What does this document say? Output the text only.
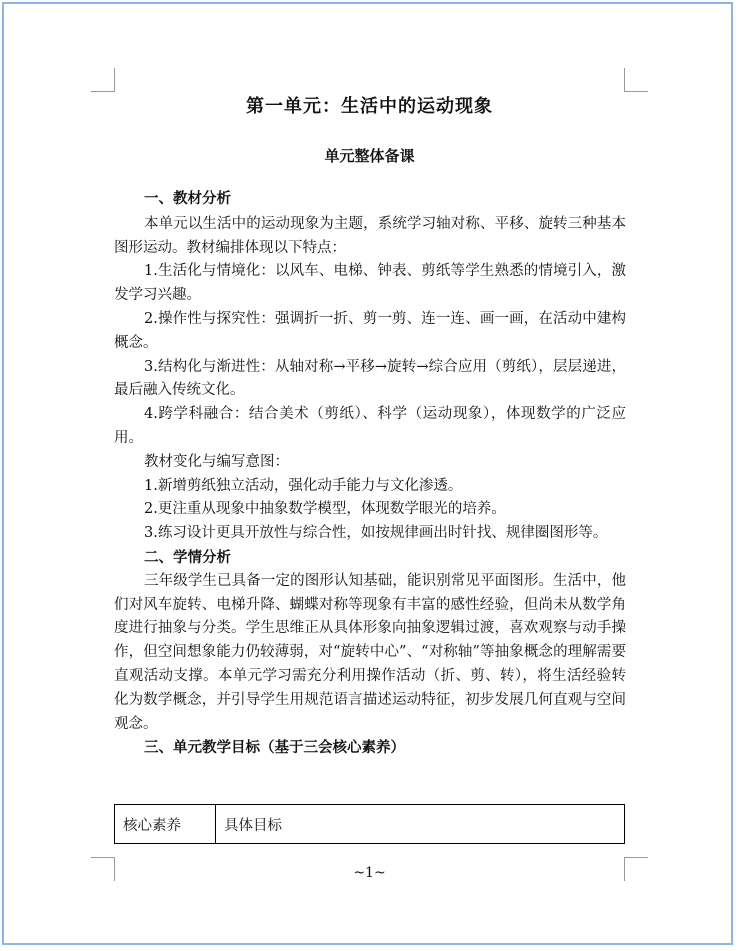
第一单元：生活中的运动现象
单元整体备课
一、教材分析

本单元以生活中的运动现象为主题，系统学习轴对称、平移、旋转三种基本图形运动。教材编排体现以下特点：

1.生活化与情境化：以风车、电梯、钟表、剪纸等学生熟悉的情境引入，激发学习兴趣。

2.操作性与探究性：强调折一折、剪一剪、连一连、画一画，在活动中建构概念。

3.结构化与渐进性：从轴对称→平移→旋转→综合应用（剪纸），层层递进，最后融入传统文化。

4.跨学科融合：结合美术（剪纸）、科学（运动现象），体现数学的广泛应用。

教材变化与编写意图：

1.新增剪纸独立活动，强化动手能力与文化渗透。

2.更注重从现象中抽象数学模型，体现数学眼光的培养。

3.练习设计更具开放性与综合性，如按规律画出时针找、规律圈图形等。

二、学情分析

三年级学生已具备一定的图形认知基础，能识别常见平面图形。生活中，他们对风车旋转、电梯升降、蝴蝶对称等现象有丰富的感性经验，但尚未从数学角度进行抽象与分类。学生思维正从具体形象向抽象逻辑过渡，喜欢观察与动手操作，但空间想象能力仍较薄弱，对“旋转中心”、“对称轴”等抽象概念的理解需要直观活动支撑。本单元学习需充分利用操作活动（折、剪、转），将生活经验转化为数学概念，并引导学生用规范语言描述运动特征，初步发展几何直观与空间观念。

三、单元教学目标（基于三会核心素养）
核心素养	具体目标
~1~
